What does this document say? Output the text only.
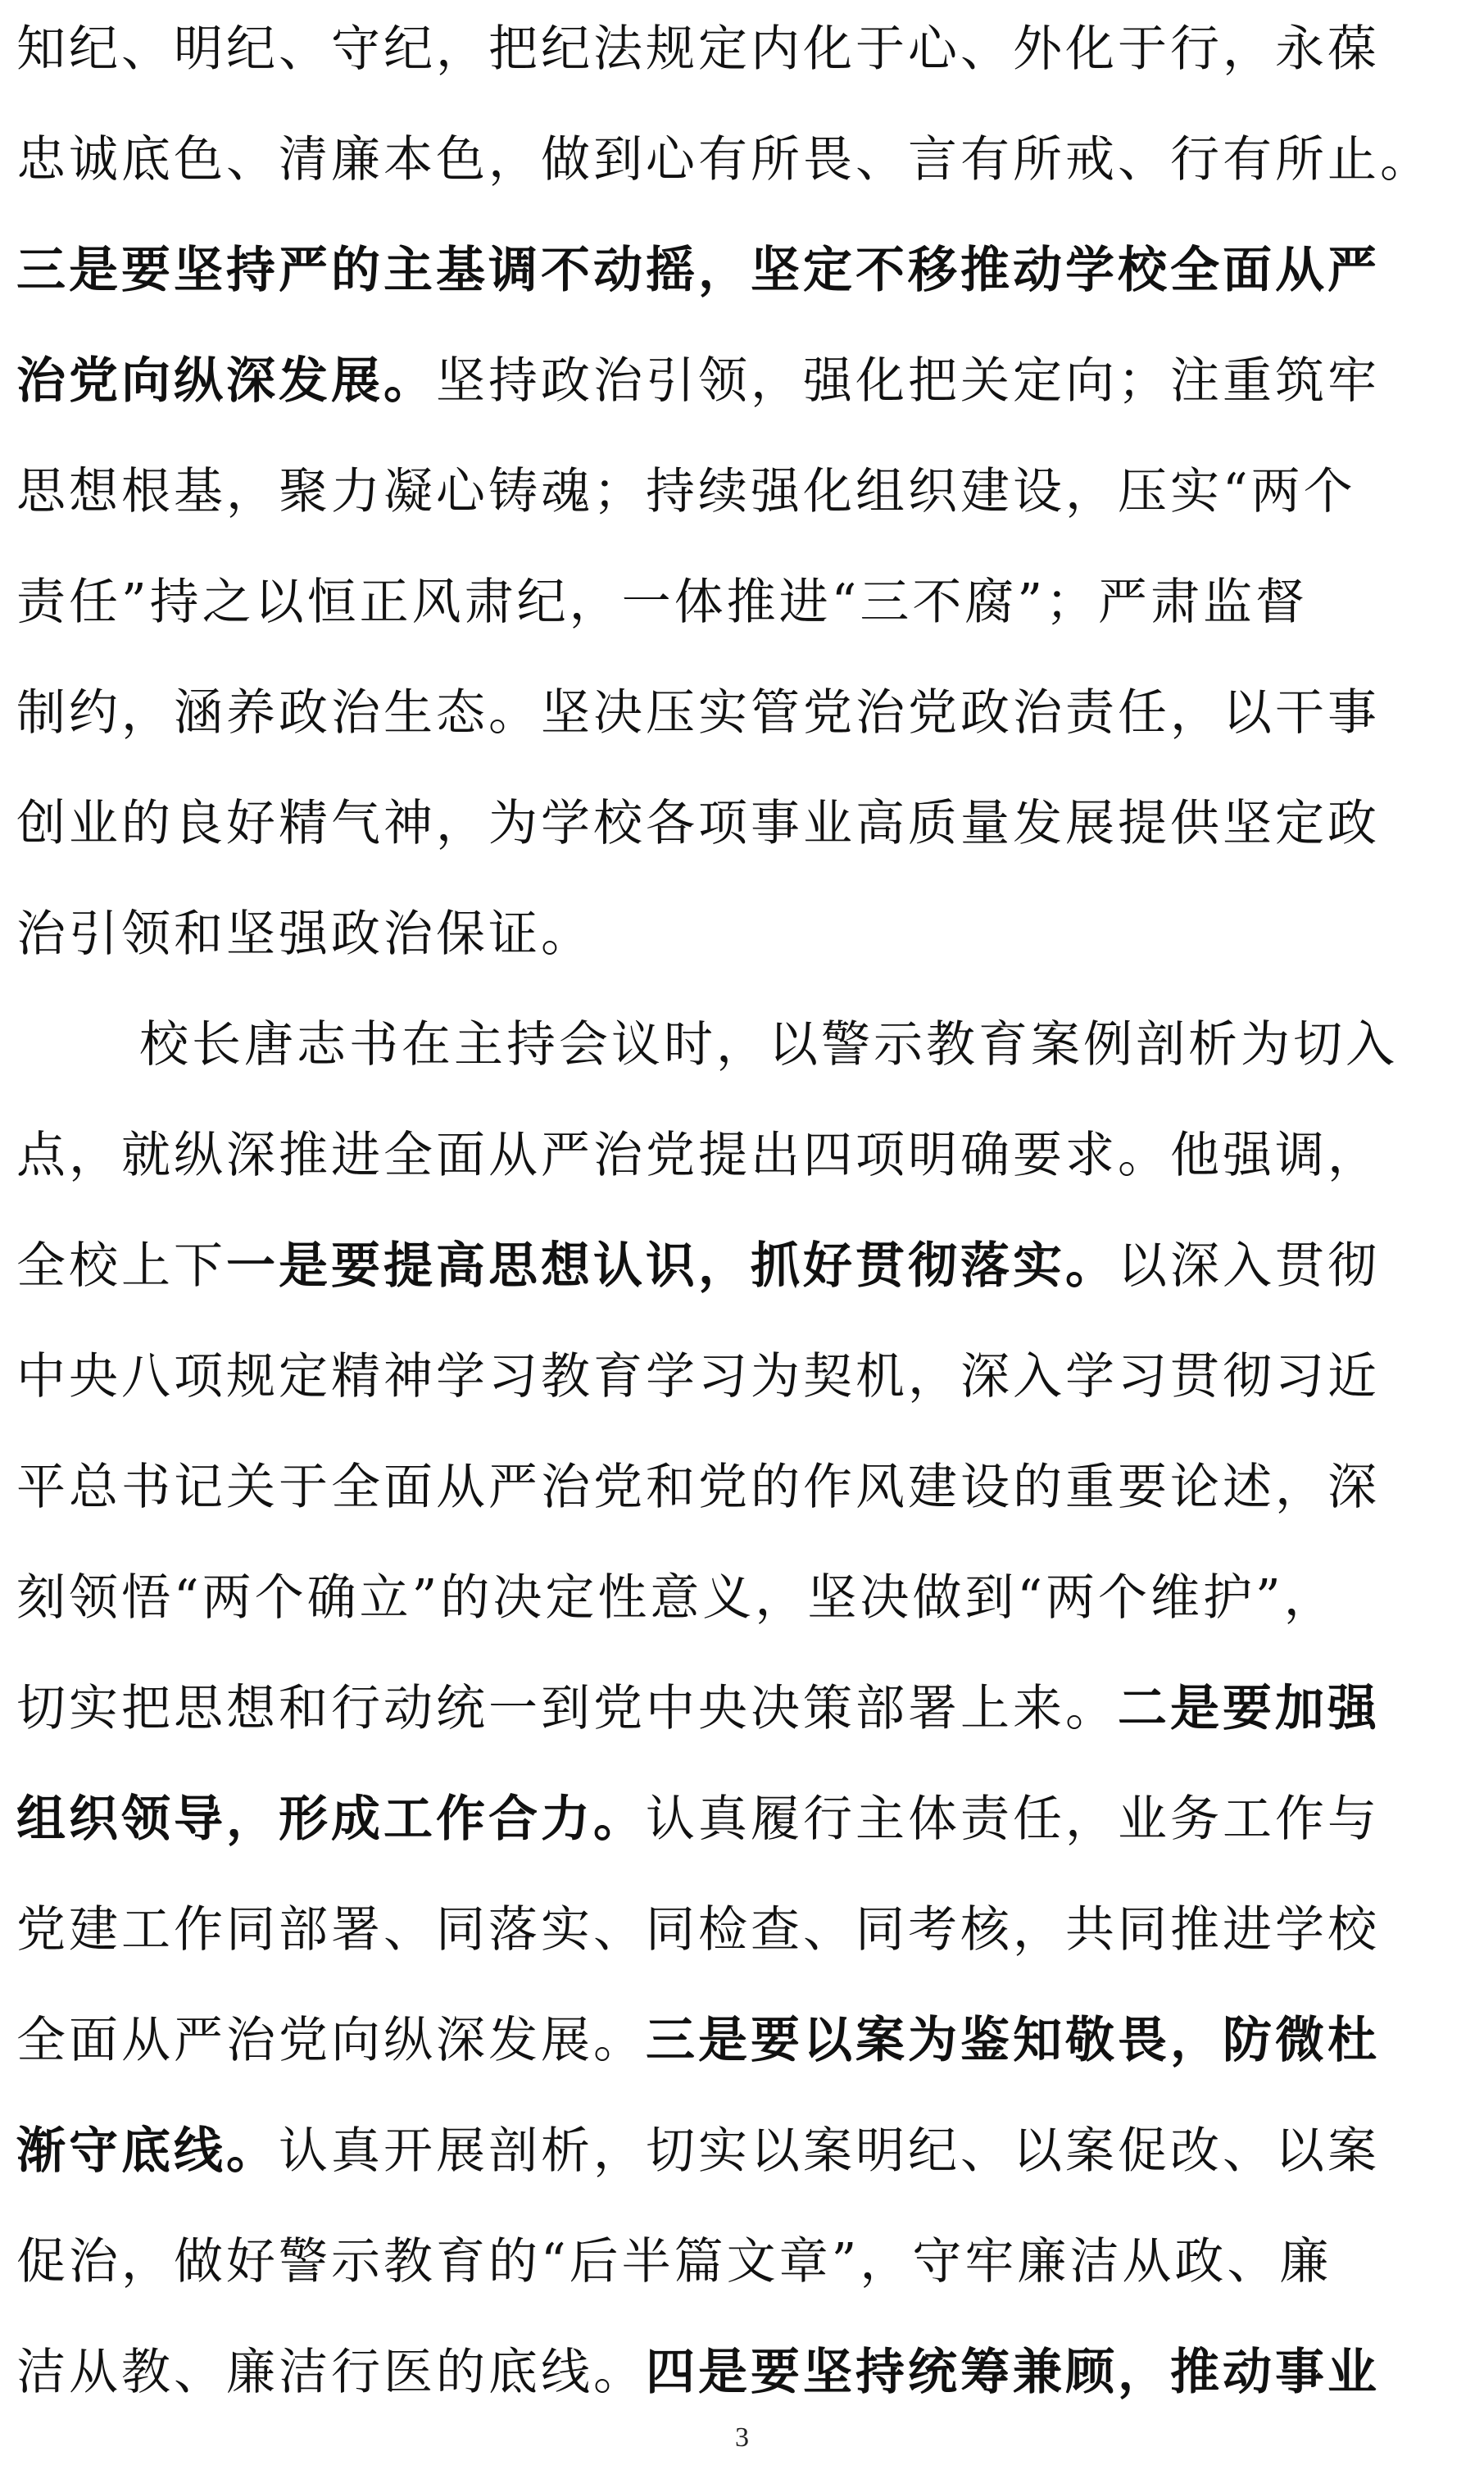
知纪、明纪、守纪，把纪法规定内化于心、外化于行，永葆
忠诚底色、清廉本色，做到心有所畏、言有所戒、行有所止。
三是要坚持严的主基调不动摇，坚定不移推动学校全面从严
治党向纵深发展。坚持政治引领，强化把关定向；注重筑牢
思想根基，聚力凝心铸魂；持续强化组织建设，压实“两个
责任”持之以恒正风肃纪，一体推进“三不腐”；严肃监督
制约，涵养政治生态。坚决压实管党治党政治责任，以干事
创业的良好精气神，为学校各项事业高质量发展提供坚定政
治引领和坚强政治保证。
校长唐志书在主持会议时，以警示教育案例剖析为切入
点，就纵深推进全面从严治党提出四项明确要求。他强调，
全校上下一是要提高思想认识，抓好贯彻落实。以深入贯彻
中央八项规定精神学习教育学习为契机，深入学习贯彻习近
平总书记关于全面从严治党和党的作风建设的重要论述，深
刻领悟“两个确立”的决定性意义，坚决做到“两个维护”，
切实把思想和行动统一到党中央决策部署上来。二是要加强
组织领导，形成工作合力。认真履行主体责任，业务工作与
党建工作同部署、同落实、同检查、同考核，共同推进学校
全面从严治党向纵深发展。三是要以案为鉴知敬畏，防微杜
渐守底线。认真开展剖析，切实以案明纪、以案促改、以案
促治，做好警示教育的“后半篇文章”，守牢廉洁从政、廉
洁从教、廉洁行医的底线。四是要坚持统筹兼顾，推动事业
3
